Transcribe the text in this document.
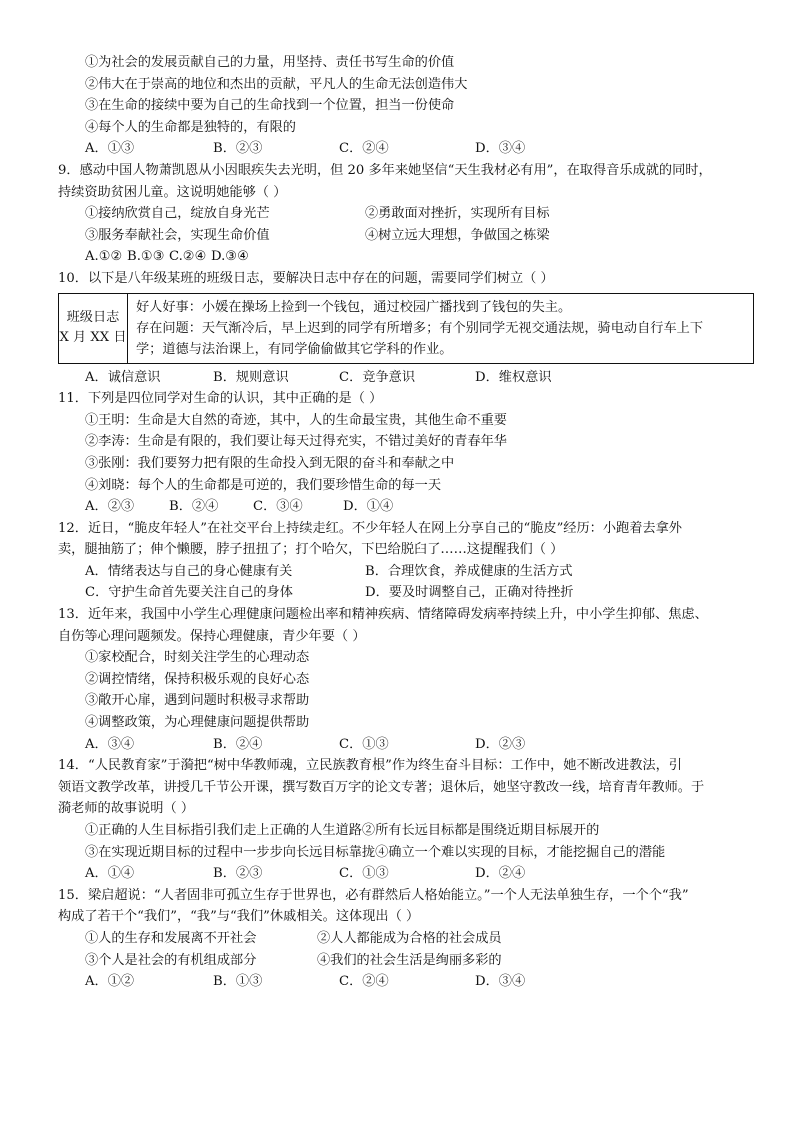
①为社会的发展贡献自己的力量，用坚持、责任书写生命的价值
②伟大在于崇高的地位和杰出的贡献，平凡人的生命无法创造伟大
③在生命的接续中要为自己的生命找到一个位置，担当一份使命
④每个人的生命都是独特的，有限的
A．①③	B．②③	C．②④	D．③④
9．感动中国人物萧凯恩从小因眼疾失去光明，但 20 多年来她坚信“天生我材必有用”，在取得音乐成就的同时，
持续资助贫困儿童。这说明她能够（ ）
①接纳欣赏自己，绽放自身光芒	②勇敢面对挫折，实现所有目标
③服务奉献社会，实现生命价值	④树立远大理想，争做国之栋梁
A.①② B.①③ C.②④ D.③④
10．以下是八年级某班的班级日志，要解决日志中存在的问题，需要同学们树立（ ）
班级日志
X 月 XX 日
好人好事：小媛在操场上捡到一个钱包，通过校园广播找到了钱包的失主。
存在问题：天气渐冷后，早上迟到的同学有所增多；有个别同学无视交通法规，骑电动自行车上下
学；道德与法治课上，有同学偷偷做其它学科的作业。
A．诚信意识	B．规则意识	C．竞争意识	D．维权意识
11．下列是四位同学对生命的认识，其中正确的是（ ）
①王明：生命是大自然的奇迹，其中，人的生命最宝贵，其他生命不重要
②李涛：生命是有限的，我们要让每天过得充实，不错过美好的青春年华
③张刚：我们要努力把有限的生命投入到无限的奋斗和奉献之中
④刘晓：每个人的生命都是可逆的，我们要珍惜生命的每一天
A．②③	B．②④	C．③④	D．①④
12．近日，“脆皮年轻人”在社交平台上持续走红。不少年轻人在网上分享自己的“脆皮”经历：小跑着去拿外
卖，腿抽筋了；伸个懒腰，脖子扭扭了；打个哈欠，下巴给脱臼了……这提醒我们（ ）
A．情绪表达与自己的身心健康有关	B．合理饮食，养成健康的生活方式
C．守护生命首先要关注自己的身体	D．要及时调整自己，正确对待挫折
13．近年来，我国中小学生心理健康问题检出率和精神疾病、情绪障碍发病率持续上升，中小学生抑郁、焦虑、
自伤等心理问题频发。保持心理健康，青少年要（ ）
①家校配合，时刻关注学生的心理动态
②调控情绪，保持积极乐观的良好心态
③敞开心扉，遇到问题时积极寻求帮助
④调整政策，为心理健康问题提供帮助
A．③④	B．②④	C．①③	D．②③
14．“人民教育家”于漪把“树中华教师魂，立民族教育根”作为终生奋斗目标：工作中，她不断改进教法，引
领语文教学改革，讲授几千节公开课，撰写数百万字的论文专著；退休后，她坚守教改一线，培育青年教师。于
漪老师的故事说明（ ）
①正确的人生目标指引我们走上正确的人生道路②所有长远目标都是围绕近期目标展开的
③在实现近期目标的过程中一步步向长远目标靠拢④确立一个难以实现的目标，才能挖掘自己的潜能
A．①④	B．②③	C．①③	D．②④
15．梁启超说：“人者固非可孤立生存于世界也，必有群然后人格始能立。”一个人无法单独生存，一个个“我”
构成了若干个“我们”，“我”与“我们”休戚相关。这体现出（ ）
①人的生存和发展离不开社会	②人人都能成为合格的社会成员
③个人是社会的有机组成部分	④我们的社会生活是绚丽多彩的
A．①②	B．①③	C．②④	D．③④
